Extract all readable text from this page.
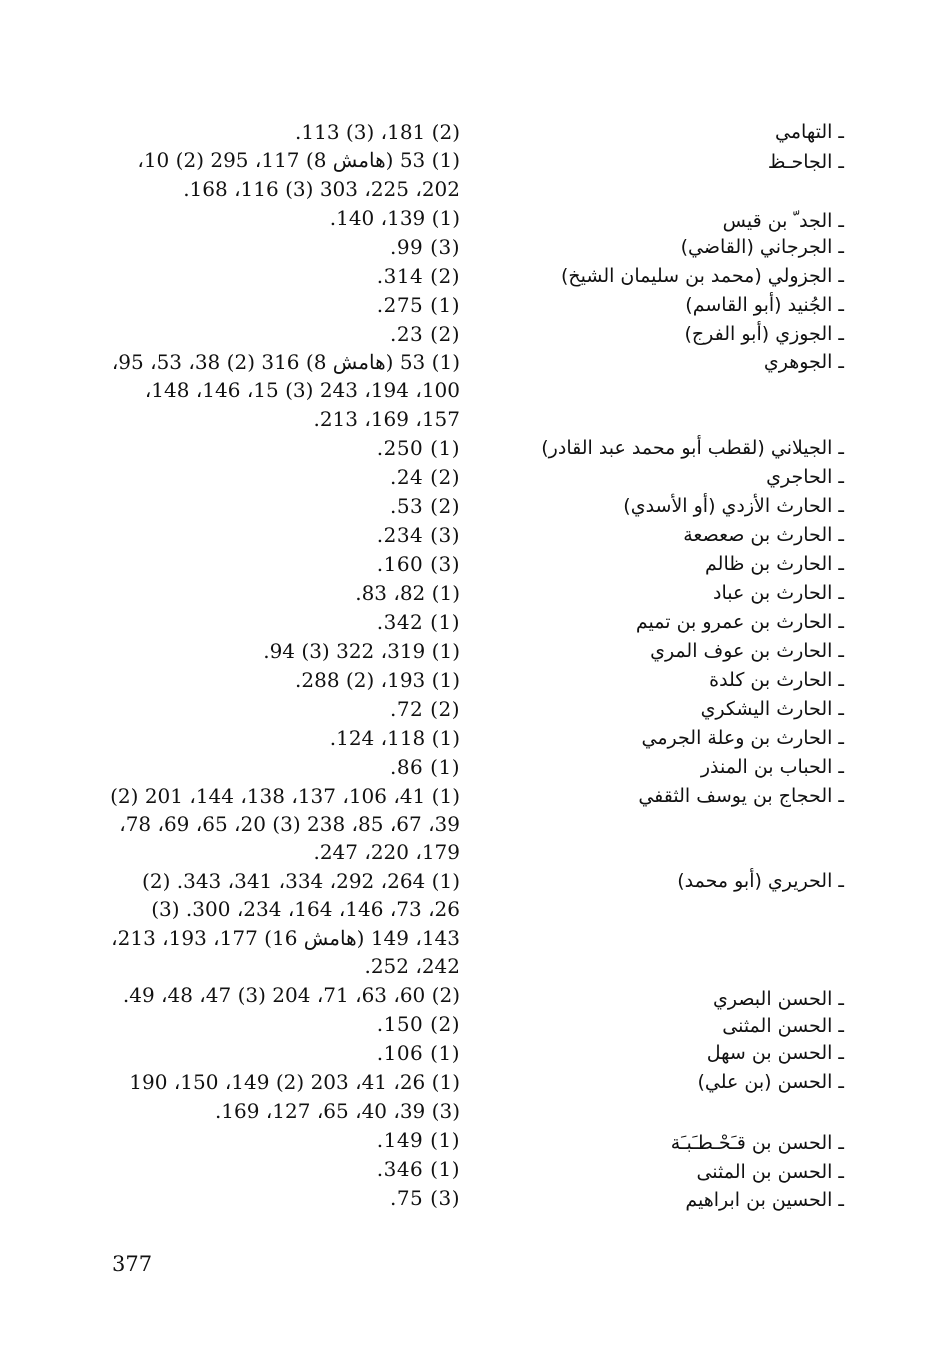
ـ التهامي
(2) 181، (3) 113.
ـ الجاحـظ
(1) 53 (هامش 8) 117، 295 (2) 10،
202، 225، 303 (3) 116، 168.
ـ الجد ّ بن قيس
(1) 139، 140.
ـ الجرجاني (القاضي)
(3) 99.
ـ الجزولي (محمد بن سليمان الشيخ)
(2) 314.
ـ الجُنيد (أبو القاسم)
(1) 275.
ـ الجوزي (أبو الفرج)
(2) 23.
ـ الجوهري
(1) 53 (هامش 8) 316 (2) 38، 53، 95،
100، 194، 243 (3) 15، 146، 148،
157، 169، 213.
ـ الجيلاني (لقطب أبو محمد عبد القادر)
(1) 250.
ـ الحاجري
(2) 24.
ـ الحارث الأزدي (أو الأسدي)
(2) 53.
ـ الحارث بن صعصعة
(3) 234.
ـ الحارث بن ظالم
(3) 160.
ـ الحارث بن عباد
(1) 82، 83.
ـ الحارث بن عمرو بن تميم
(1) 342.
ـ الحارث بن عوف المري
(1) 319، 322 (3) 94.
ـ الحارث بن كلدة
(1) 193، (2) 288.
ـ الحارث اليشكري
(2) 72.
ـ الحارث بن وعلة الجرمي
(1) 118، 124.
ـ الحباب بن المنذر
(1) 86.
ـ الحجاج بن يوسف الثقفي
(1) 41، 106، 137، 138، 144، 201 (2)
39، 67، 85، 238 (3) 20، 65، 69، 78،
179، 220، 247.
ـ الحريري (أبو محمد)
(1) 264، 292، 334، 341، 343. (2)
26، 73، 146، 164، 234، 300. (3)
143، 149 (هامش 16) 177، 193، 213،
242، 252.
ـ الحسن البصري
(2) 60، 63، 71، 204 (3) 47، 48، 49.
ـ الحسن المثنى
(2) 150.
ـ الحسن بن سهل
(1) 106.
ـ الحسن (بن علي)
(1) 26، 41، 203 (2) 149، 150، 190
(3) 39، 40، 65، 127، 169.
ـ الحسن بن قـَحْـطـَبـَة
(1) 149.
ـ الحسن بن المثنى
(1) 346.
ـ الحسين بن ابراهيم
(3) 75.
377
